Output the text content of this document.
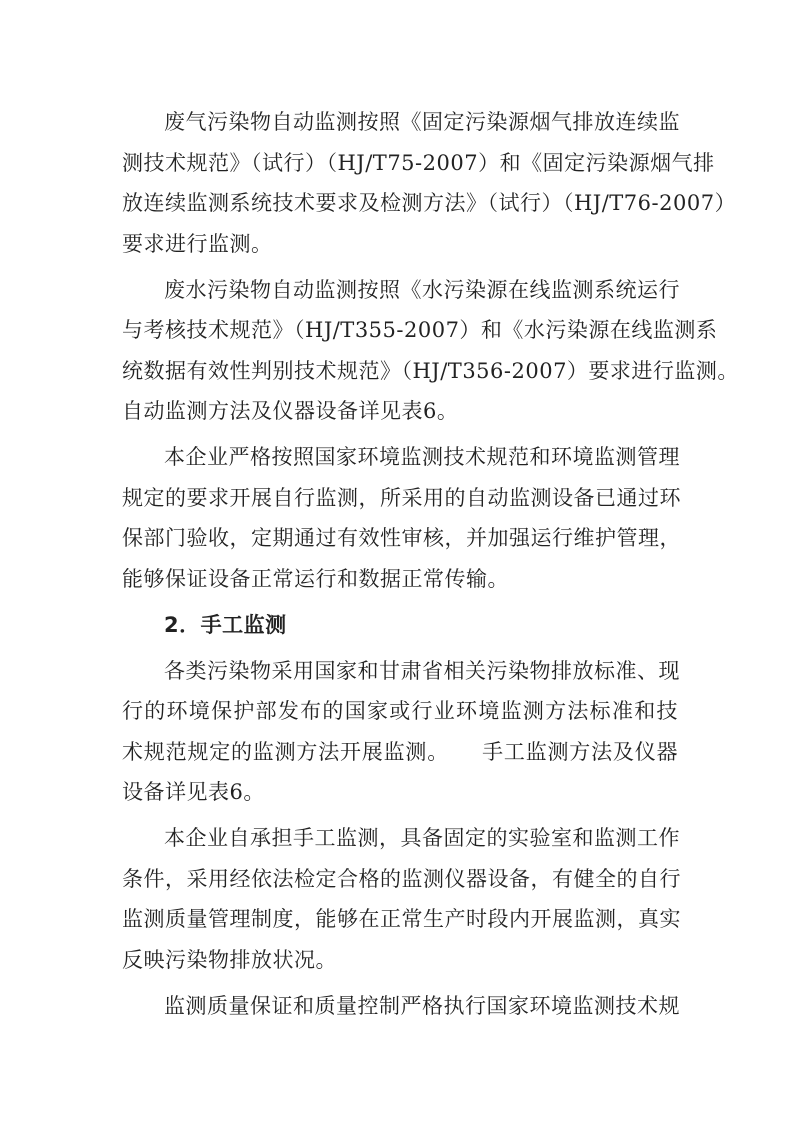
废气污染物自动监测按照《固定污染源烟气排放连续监
测技术规范》（试行）（HJ/T75-2007）和《固定污染源烟气排
放连续监测系统技术要求及检测方法》（试行）（HJ/T76-2007）
要求进行监测。
废水污染物自动监测按照《水污染源在线监测系统运行
与考核技术规范》（HJ/T355-2007）和《水污染源在线监测系
统数据有效性判别技术规范》（HJ/T356-2007）要求进行监测。
自动监测方法及仪器设备详见表6。
本企业严格按照国家环境监测技术规范和环境监测管理
规定的要求开展自行监测，所采用的自动监测设备已通过环
保部门验收，定期通过有效性审核，并加强运行维护管理，
能够保证设备正常运行和数据正常传输。
2．手工监测
各类污染物采用国家和甘肃省相关污染物排放标准、现
行的环境保护部发布的国家或行业环境监测方法标准和技
术规范规定的监测方法开展监测。　　手工监测方法及仪器
设备详见表6。
本企业自承担手工监测，具备固定的实验室和监测工作
条件，采用经依法检定合格的监测仪器设备，有健全的自行
监测质量管理制度，能够在正常生产时段内开展监测，真实
反映污染物排放状况。
监测质量保证和质量控制严格执行国家环境监测技术规
